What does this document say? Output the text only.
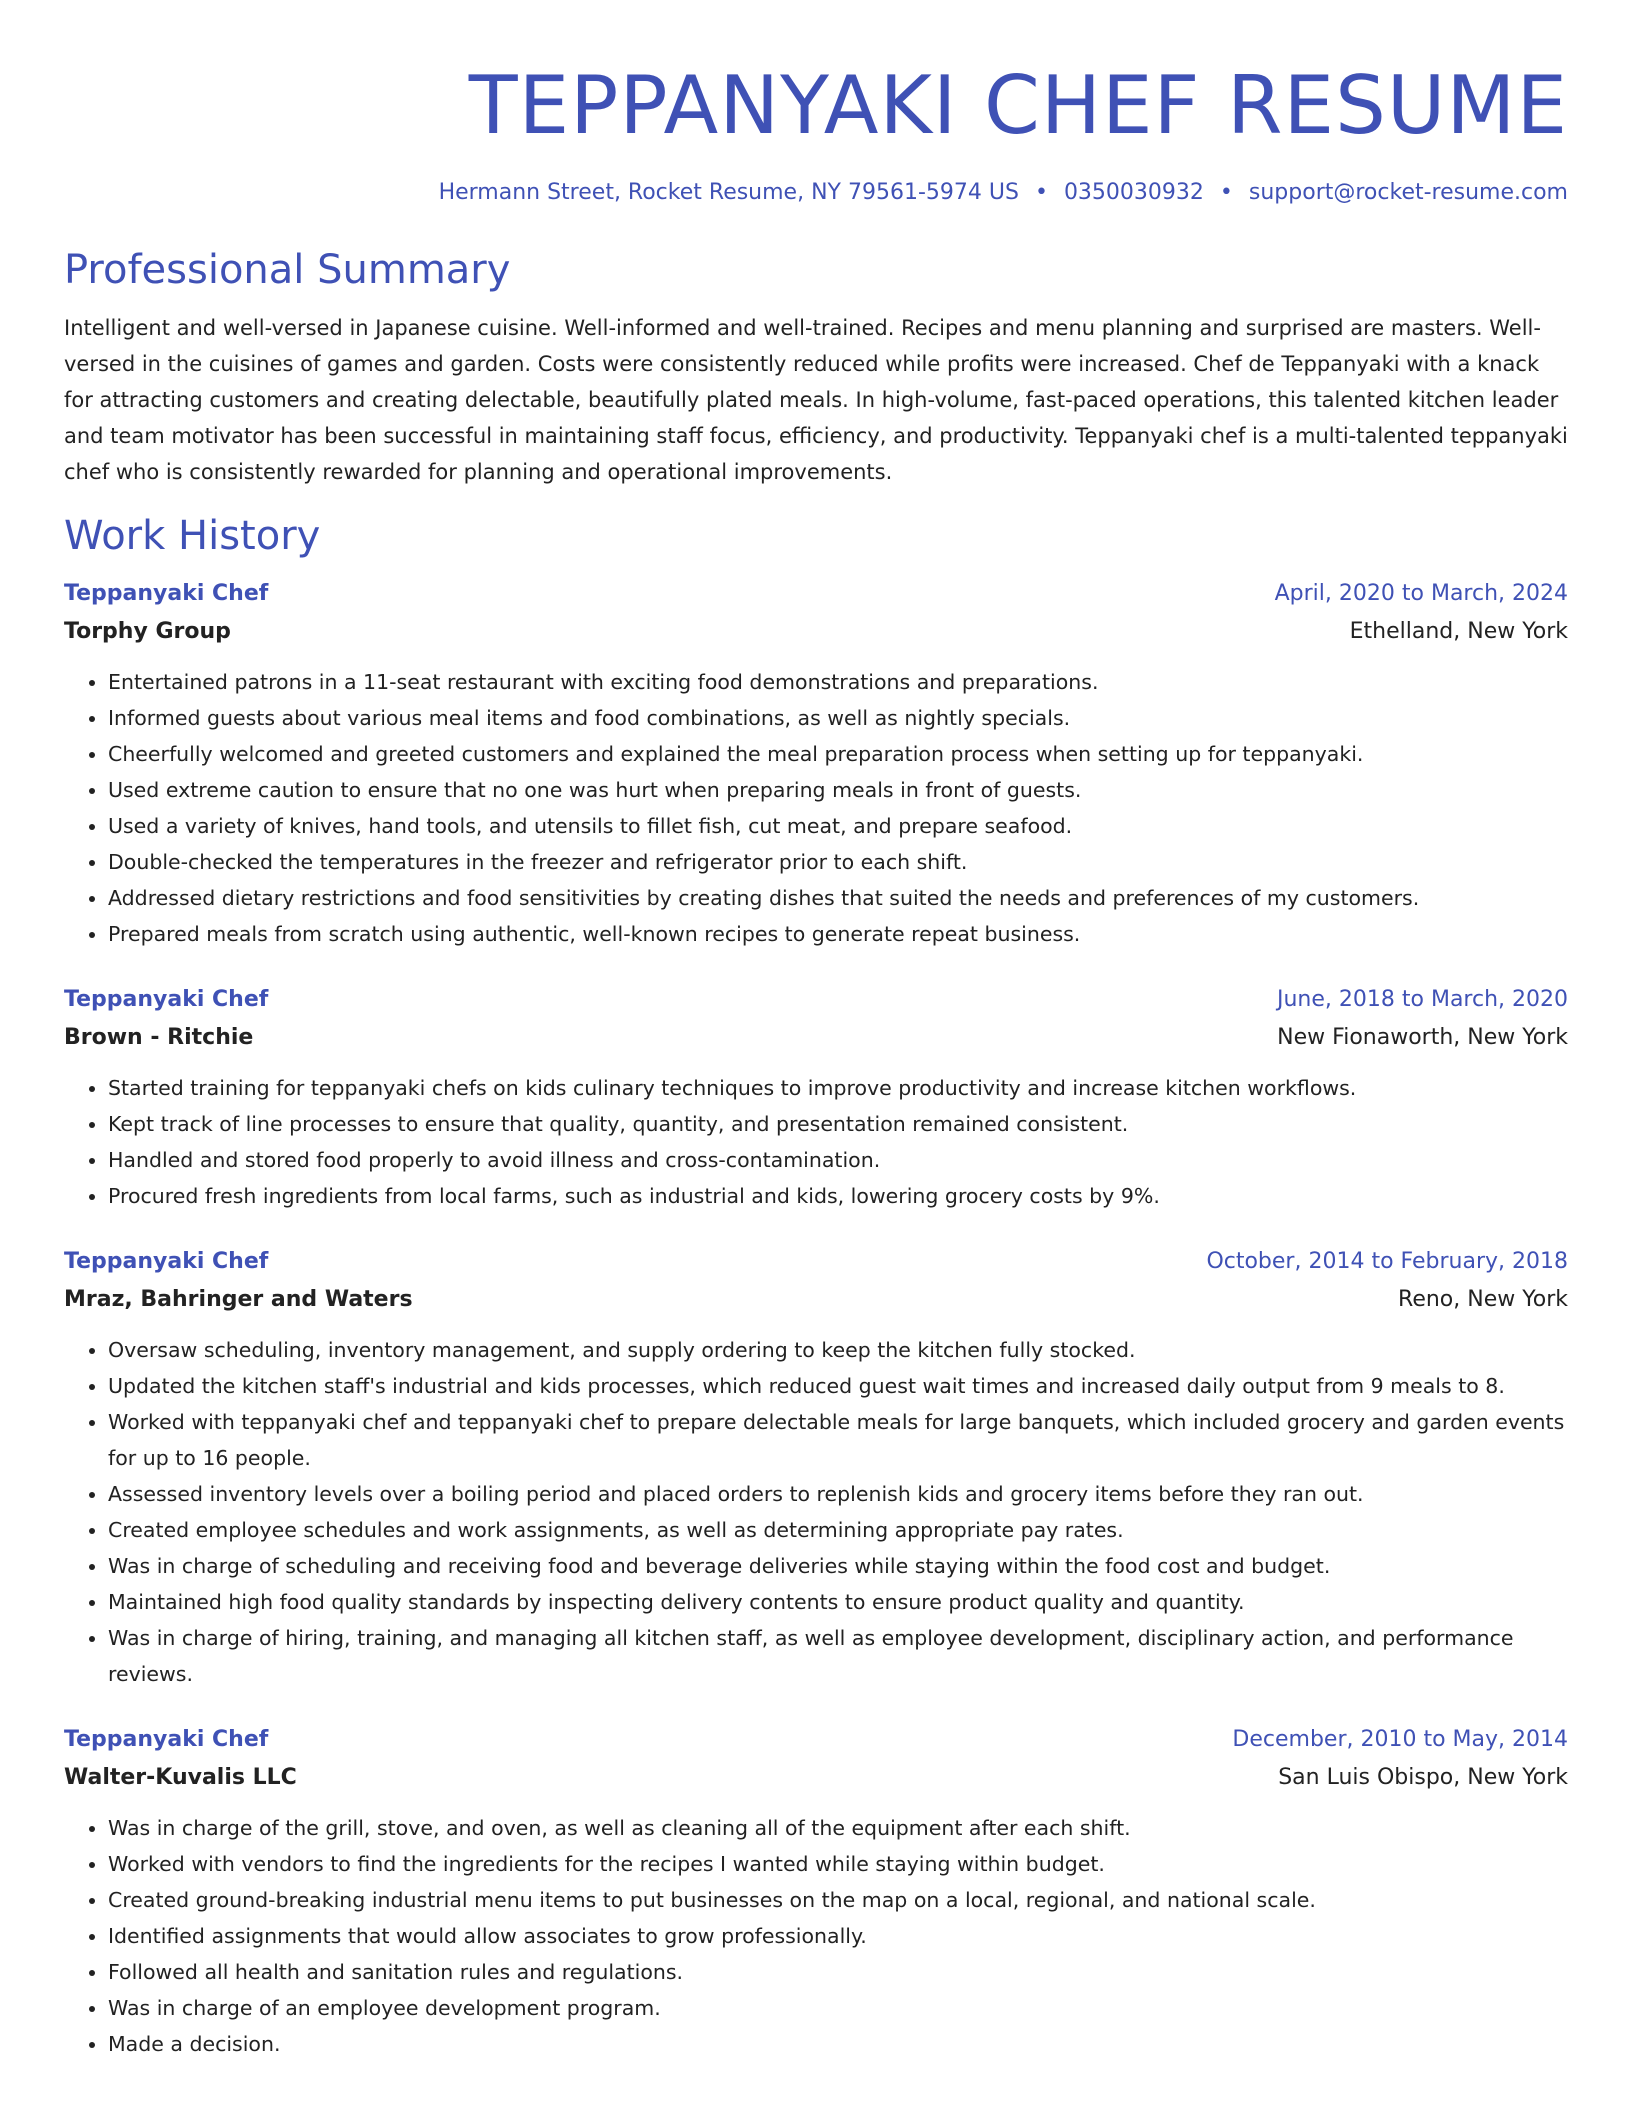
TEPPANYAKI CHEF RESUME
Hermann Street, Rocket Resume, NY 79561-5974 US • 0350030932 • support@rocket-resume.com
Professional Summary

Intelligent and well-versed in Japanese cuisine. Well-informed and well-trained. Recipes and menu planning and surprised are masters. Well-versed in the cuisines of games and garden. Costs were consistently reduced while profits were increased. Chef de Teppanyaki with a knack for attracting customers and creating delectable, beautifully plated meals. In high-volume, fast-paced operations, this talented kitchen leader and team motivator has been successful in maintaining staff focus, efficiency, and productivity. Teppanyaki chef is a multi-talented teppanyaki chef who is consistently rewarded for planning and operational improvements.

Work History
Teppanyaki Chef	April, 2020 to March, 2024
Torphy Group	Ethelland, New York
• Entertained patrons in a 11-seat restaurant with exciting food demonstrations and preparations.
• Informed guests about various meal items and food combinations, as well as nightly specials.
• Cheerfully welcomed and greeted customers and explained the meal preparation process when setting up for teppanyaki.
• Used extreme caution to ensure that no one was hurt when preparing meals in front of guests.
• Used a variety of knives, hand tools, and utensils to fillet fish, cut meat, and prepare seafood.
• Double-checked the temperatures in the freezer and refrigerator prior to each shift.
• Addressed dietary restrictions and food sensitivities by creating dishes that suited the needs and preferences of my customers.
• Prepared meals from scratch using authentic, well-known recipes to generate repeat business.
Teppanyaki Chef	June, 2018 to March, 2020
Brown - Ritchie	New Fionaworth, New York
• Started training for teppanyaki chefs on kids culinary techniques to improve productivity and increase kitchen workflows.
• Kept track of line processes to ensure that quality, quantity, and presentation remained consistent.
• Handled and stored food properly to avoid illness and cross-contamination.
• Procured fresh ingredients from local farms, such as industrial and kids, lowering grocery costs by 9%.
Teppanyaki Chef	October, 2014 to February, 2018
Mraz, Bahringer and Waters	Reno, New York
• Oversaw scheduling, inventory management, and supply ordering to keep the kitchen fully stocked.
• Updated the kitchen staff's industrial and kids processes, which reduced guest wait times and increased daily output from 9 meals to 8.
• Worked with teppanyaki chef and teppanyaki chef to prepare delectable meals for large banquets, which included grocery and garden events for up to 16 people.
• Assessed inventory levels over a boiling period and placed orders to replenish kids and grocery items before they ran out.
• Created employee schedules and work assignments, as well as determining appropriate pay rates.
• Was in charge of scheduling and receiving food and beverage deliveries while staying within the food cost and budget.
• Maintained high food quality standards by inspecting delivery contents to ensure product quality and quantity.
• Was in charge of hiring, training, and managing all kitchen staff, as well as employee development, disciplinary action, and performance reviews.
Teppanyaki Chef	December, 2010 to May, 2014
Walter-Kuvalis LLC	San Luis Obispo, New York
• Was in charge of the grill, stove, and oven, as well as cleaning all of the equipment after each shift.
• Worked with vendors to find the ingredients for the recipes I wanted while staying within budget.
• Created ground-breaking industrial menu items to put businesses on the map on a local, regional, and national scale.
• Identified assignments that would allow associates to grow professionally.
• Followed all health and sanitation rules and regulations.
• Was in charge of an employee development program.
• Made a decision.
